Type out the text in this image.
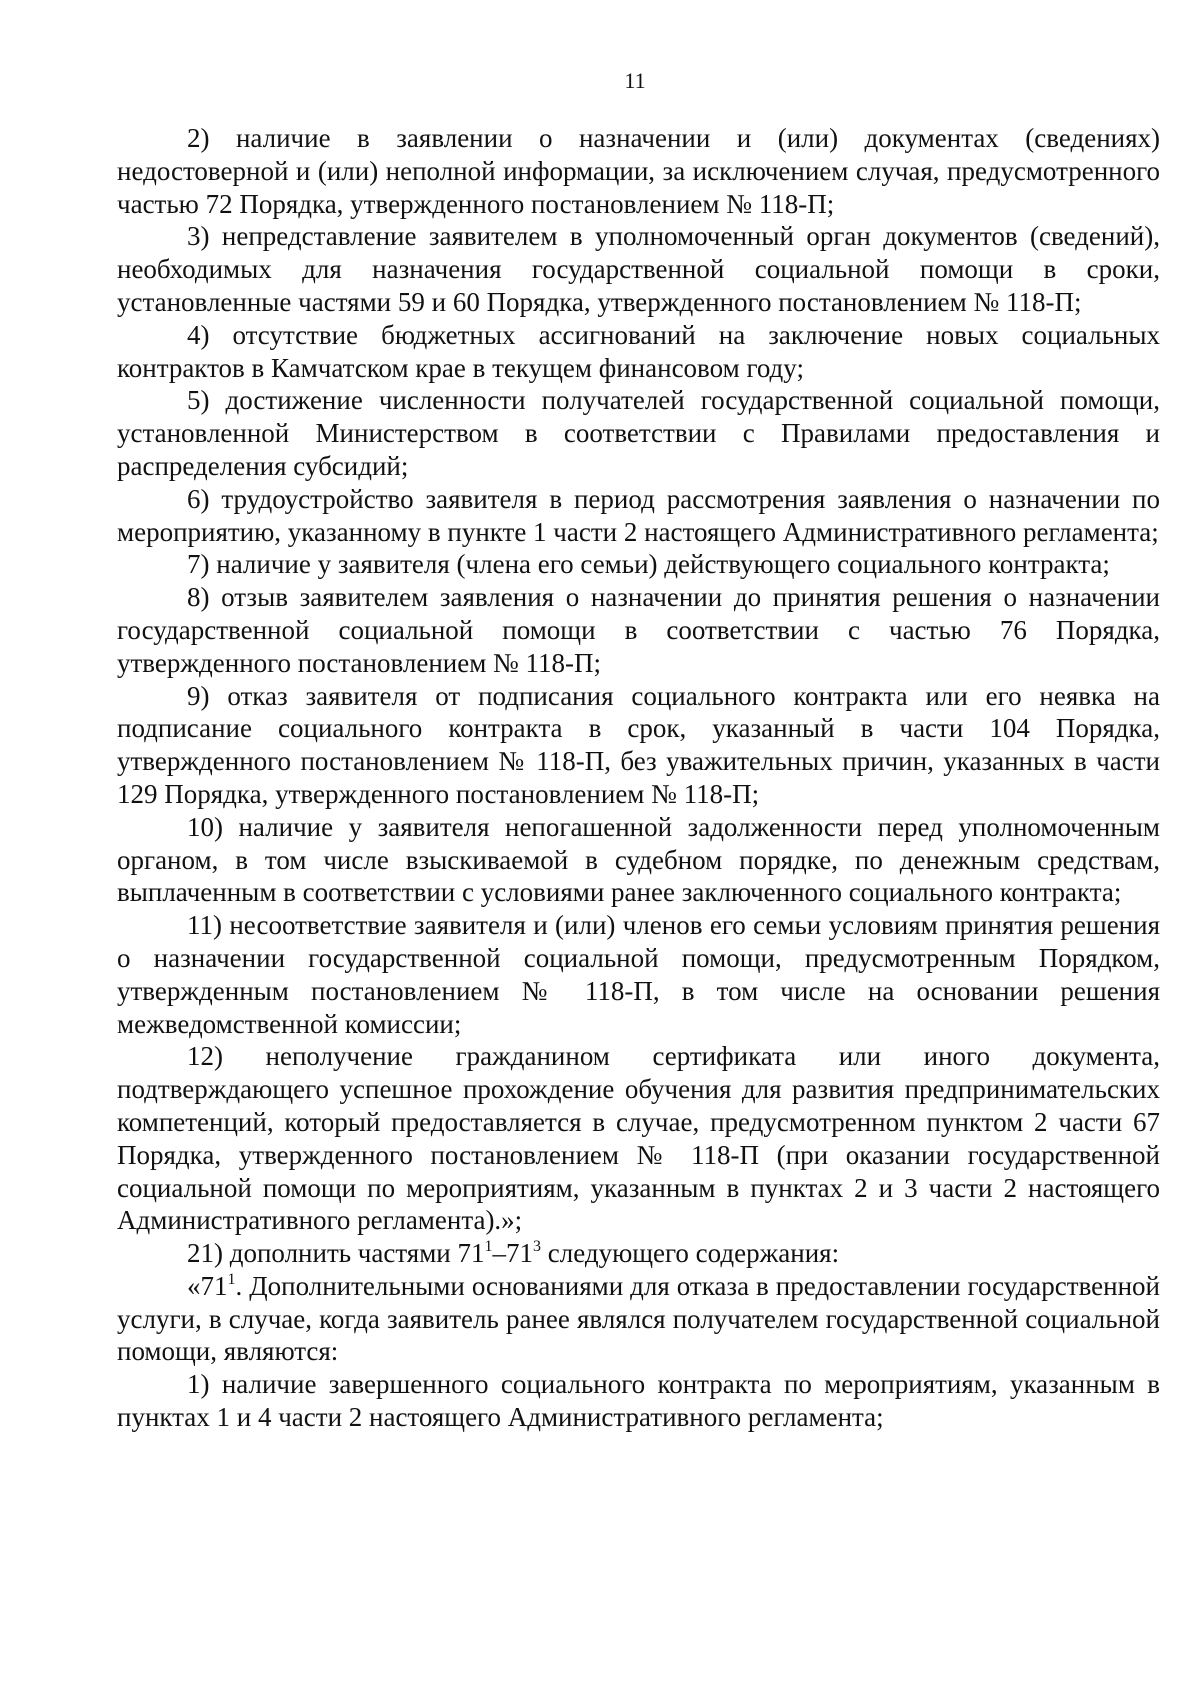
11

2) наличие в заявлении о назначении и (или) документах (сведениях) недостоверной и (или) неполной информации, за исключением случая, предусмотренного частью 72 Порядка, утвержденного постановлением № 118-П;

3) непредставление заявителем в уполномоченный орган документов (сведений), необходимых для назначения государственной социальной помощи в сроки, установленные частями 59 и 60 Порядка, утвержденного постановлением № 118-П;

4) отсутствие бюджетных ассигнований на заключение новых социальных контрактов в Камчатском крае в текущем финансовом году;

5) достижение численности получателей государственной социальной помощи, установленной Министерством в соответствии с Правилами предоставления и распределения субсидий;

6) трудоустройство заявителя в период рассмотрения заявления о назначении по мероприятию, указанному в пункте 1 части 2 настоящего Административного регламента;

7) наличие у заявителя (члена его семьи) действующего социального контракта;

8) отзыв заявителем заявления о назначении до принятия решения о назначении государственной социальной помощи в соответствии с частью 76 Порядка, утвержденного постановлением № 118-П;

9) отказ заявителя от подписания социального контракта или его неявка на подписание социального контракта в срок, указанный в части 104 Порядка, утвержденного постановлением № 118-П, без уважительных причин, указанных в части 129 Порядка, утвержденного постановлением № 118-П;

10) наличие у заявителя непогашенной задолженности перед уполномоченным органом, в том числе взыскиваемой в судебном порядке, по денежным средствам, выплаченным в соответствии с условиями ранее заключенного социального контракта;

11) несоответствие заявителя и (или) членов его семьи условиям принятия решения о назначении государственной социальной помощи, предусмотренным Порядком, утвержденным постановлением № 118-П, в том числе на основании решения межведомственной комиссии;

12) неполучение гражданином сертификата или иного документа, подтверждающего успешное прохождение обучения для развития предпринимательских компетенций, который предоставляется в случае, предусмотренном пунктом 2 части 67 Порядка, утвержденного постановлением № 118-П (при оказании государственной социальной помощи по мероприятиям, указанным в пунктах 2 и 3 части 2 настоящего Административного регламента).»;

21) дополнить частями $71^1-71^3$ следующего содержания:

«$71^1$. Дополнительными основаниями для отказа в предоставлении государственной услуги, в случае, когда заявитель ранее являлся получателем государственной социальной помощи, являются:

1) наличие завершенного социального контракта по мероприятиям, указанным в пунктах 1 и 4 части 2 настоящего Административного регламента;
